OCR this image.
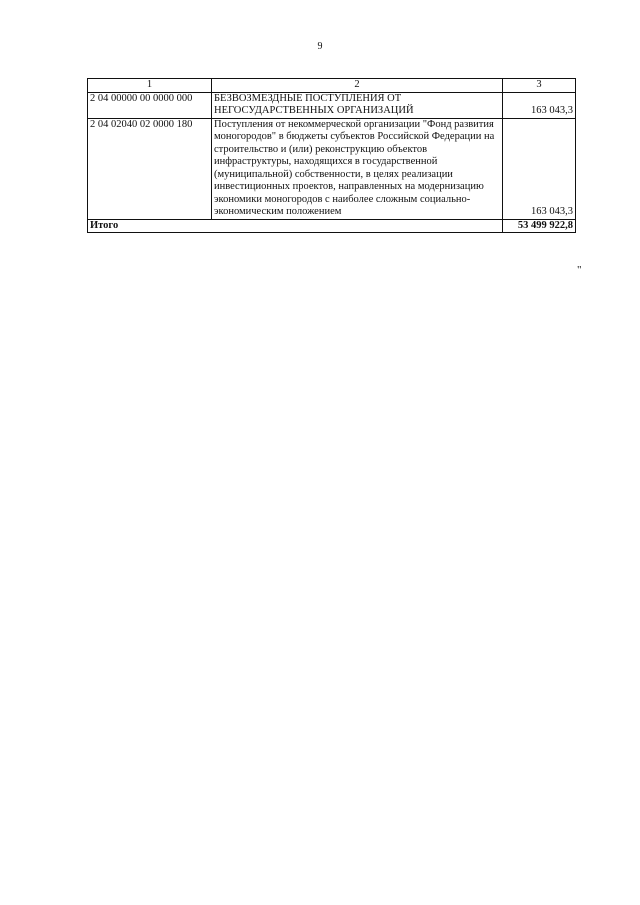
9
1	2	3
2 04 00000 00 0000 000	БЕЗВОЗМЕЗДНЫЕ ПОСТУПЛЕНИЯ ОТ НЕГОСУДАРСТВЕННЫХ ОРГАНИЗАЦИЙ	163 043,3
2 04 02040 02 0000 180	Поступления от некоммерческой организации "Фонд развития моногородов" в бюджеты субъектов Российской Федерации на строительство и (или) реконструкцию объектов инфраструктуры, находящихся в государственной (муниципальной) собственности, в целях реализации инвестиционных проектов, направленных на модернизацию экономики моногородов с наиболее сложным социально-экономическим положением	163 043,3
Итого		53 499 922,8
"
